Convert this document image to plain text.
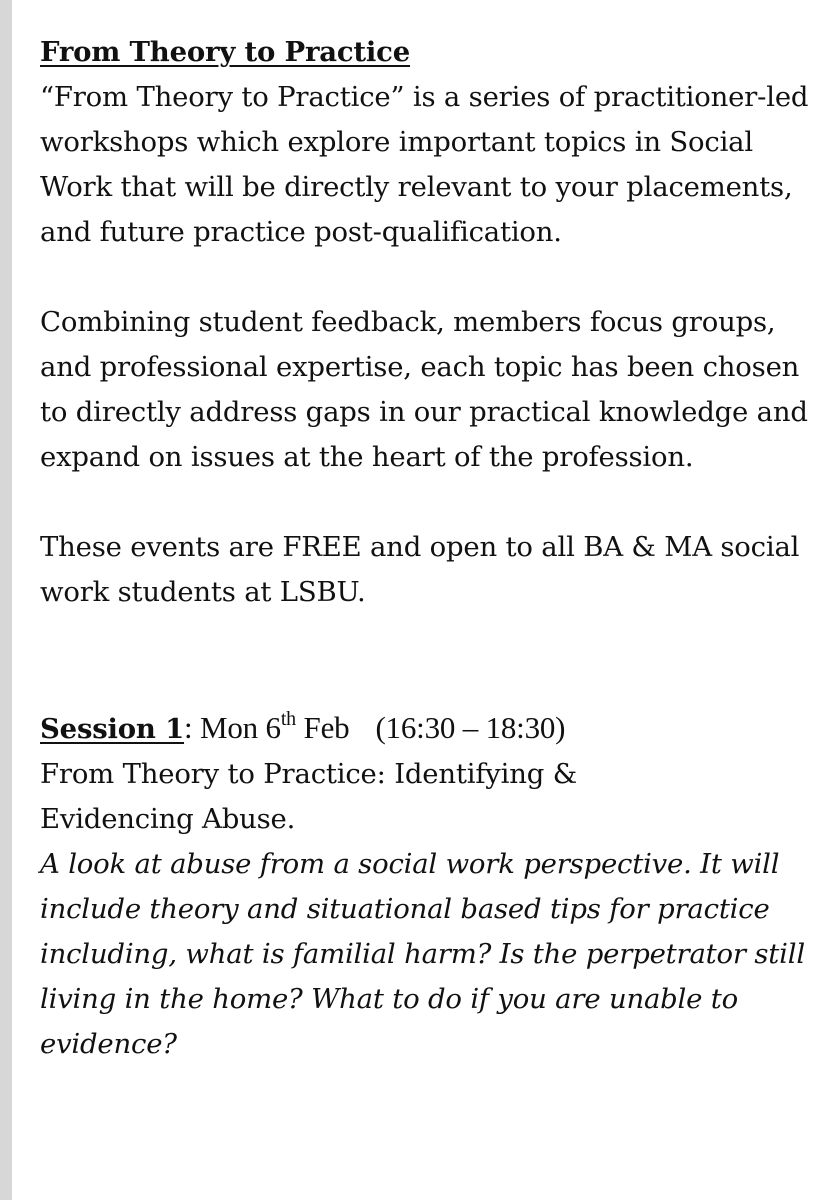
From Theory to Practice

“From Theory to Practice” is a series of practitioner-led workshops which explore important topics in Social Work that will be directly relevant to your placements, and future practice post-qualification.

Combining student feedback, members focus groups, and professional expertise, each topic has been chosen to directly address gaps in our practical knowledge and expand on issues at the heart of the profession.

These events are FREE and open to all BA & MA social work students at LSBU.

Session 1: Mon 6th Feb (16:30 – 18:30)

From Theory to Practice: Identifying & Evidencing Abuse.

A look at abuse from a social work perspective. It will include theory and situational based tips for practice including, what is familial harm? Is the perpetrator still living in the home? What to do if you are unable to evidence?
